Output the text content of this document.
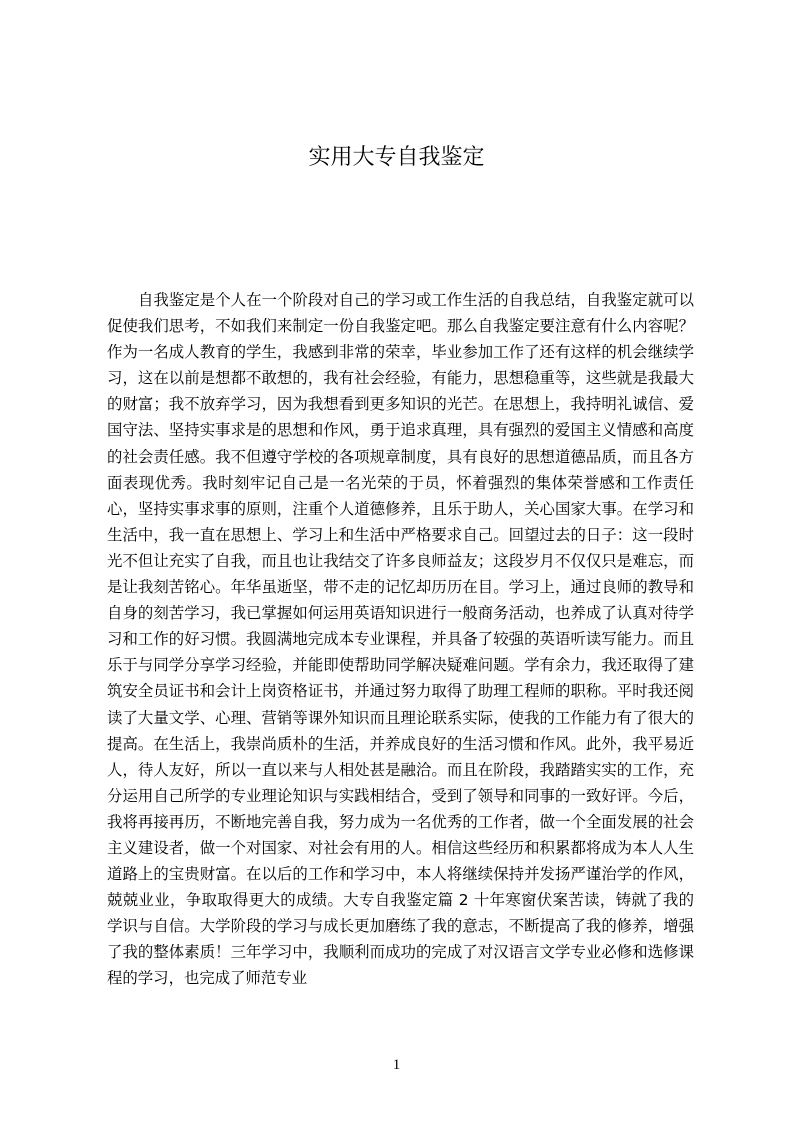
实用大专自我鉴定

自我鉴定是个人在一个阶段对自己的学习或工作生活的自我总结，自我鉴定就可以促使我们思考，不如我们来制定一份自我鉴定吧。那么自我鉴定要注意有什么内容呢？作为一名成人教育的学生，我感到非常的荣幸，毕业参加工作了还有这样的机会继续学习，这在以前是想都不敢想的，我有社会经验，有能力，思想稳重等，这些就是我最大的财富；我不放弃学习，因为我想看到更多知识的光芒。在思想上，我持明礼诚信、爱国守法、坚持实事求是的思想和作风，勇于追求真理，具有强烈的爱国主义情感和高度的社会责任感。我不但遵守学校的各项规章制度，具有良好的思想道德品质，而且各方面表现优秀。我时刻牢记自己是一名光荣的于员，怀着强烈的集体荣誉感和工作责任心，坚持实事求事的原则，注重个人道德修养，且乐于助人，关心国家大事。在学习和生活中，我一直在思想上、学习上和生活中严格要求自己。回望过去的日子：这一段时光不但让充实了自我，而且也让我结交了许多良师益友；这段岁月不仅仅只是难忘，而是让我刻苦铭心。年华虽逝坚，带不走的记忆却历历在目。学习上，通过良师的教导和自身的刻苦学习，我已掌握如何运用英语知识进行一般商务活动，也养成了认真对待学习和工作的好习惯。我圆满地完成本专业课程，并具备了较强的英语听读写能力。而且乐于与同学分享学习经验，并能即使帮助同学解决疑难问题。学有余力，我还取得了建筑安全员证书和会计上岗资格证书，并通过努力取得了助理工程师的职称。平时我还阅读了大量文学、心理、营销等课外知识而且理论联系实际，使我的工作能力有了很大的提高。在生活上，我崇尚质朴的生活，并养成良好的生活习惯和作风。此外，我平易近人，待人友好，所以一直以来与人相处甚是融洽。而且在阶段，我踏踏实实的工作，充分运用自己所学的专业理论知识与实践相结合，受到了领导和同事的一致好评。今后，我将再接再历，不断地完善自我，努力成为一名优秀的工作者，做一个全面发展的社会主义建设者，做一个对国家、对社会有用的人。相信这些经历和积累都将成为本人人生道路上的宝贵财富。在以后的工作和学习中，本人将继续保持并发扬严谨治学的作风，兢兢业业，争取取得更大的成绩。大专自我鉴定篇 2 十年寒窗伏案苦读，铸就了我的学识与自信。大学阶段的学习与成长更加磨练了我的意志，不断提高了我的修养，增强了我的整体素质！三年学习中，我顺利而成功的完成了对汉语言文学专业必修和选修课程的学习，也完成了师范专业

1
